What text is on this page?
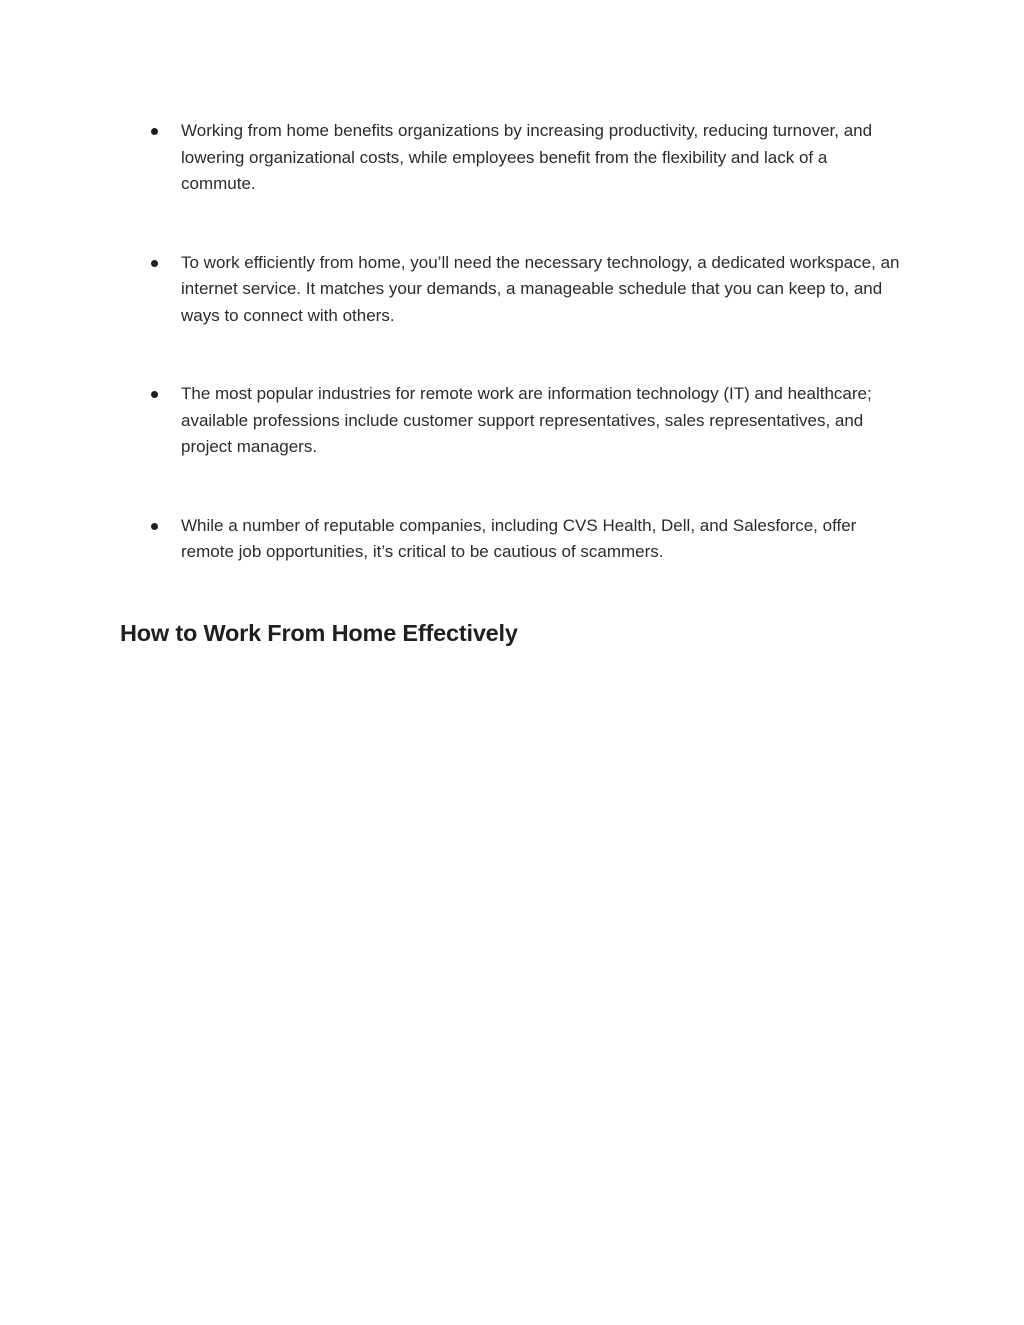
Working from home benefits organizations by increasing productivity, reducing turnover, and lowering organizational costs, while employees benefit from the flexibility and lack of a commute.
To work efficiently from home, you’ll need the necessary technology, a dedicated workspace, an internet service. It matches your demands, a manageable schedule that you can keep to, and ways to connect with others.
The most popular industries for remote work are information technology (IT) and healthcare; available professions include customer support representatives, sales representatives, and project managers.
While a number of reputable companies, including CVS Health, Dell, and Salesforce, offer remote job opportunities, it’s critical to be cautious of scammers.
How to Work From Home Effectively
